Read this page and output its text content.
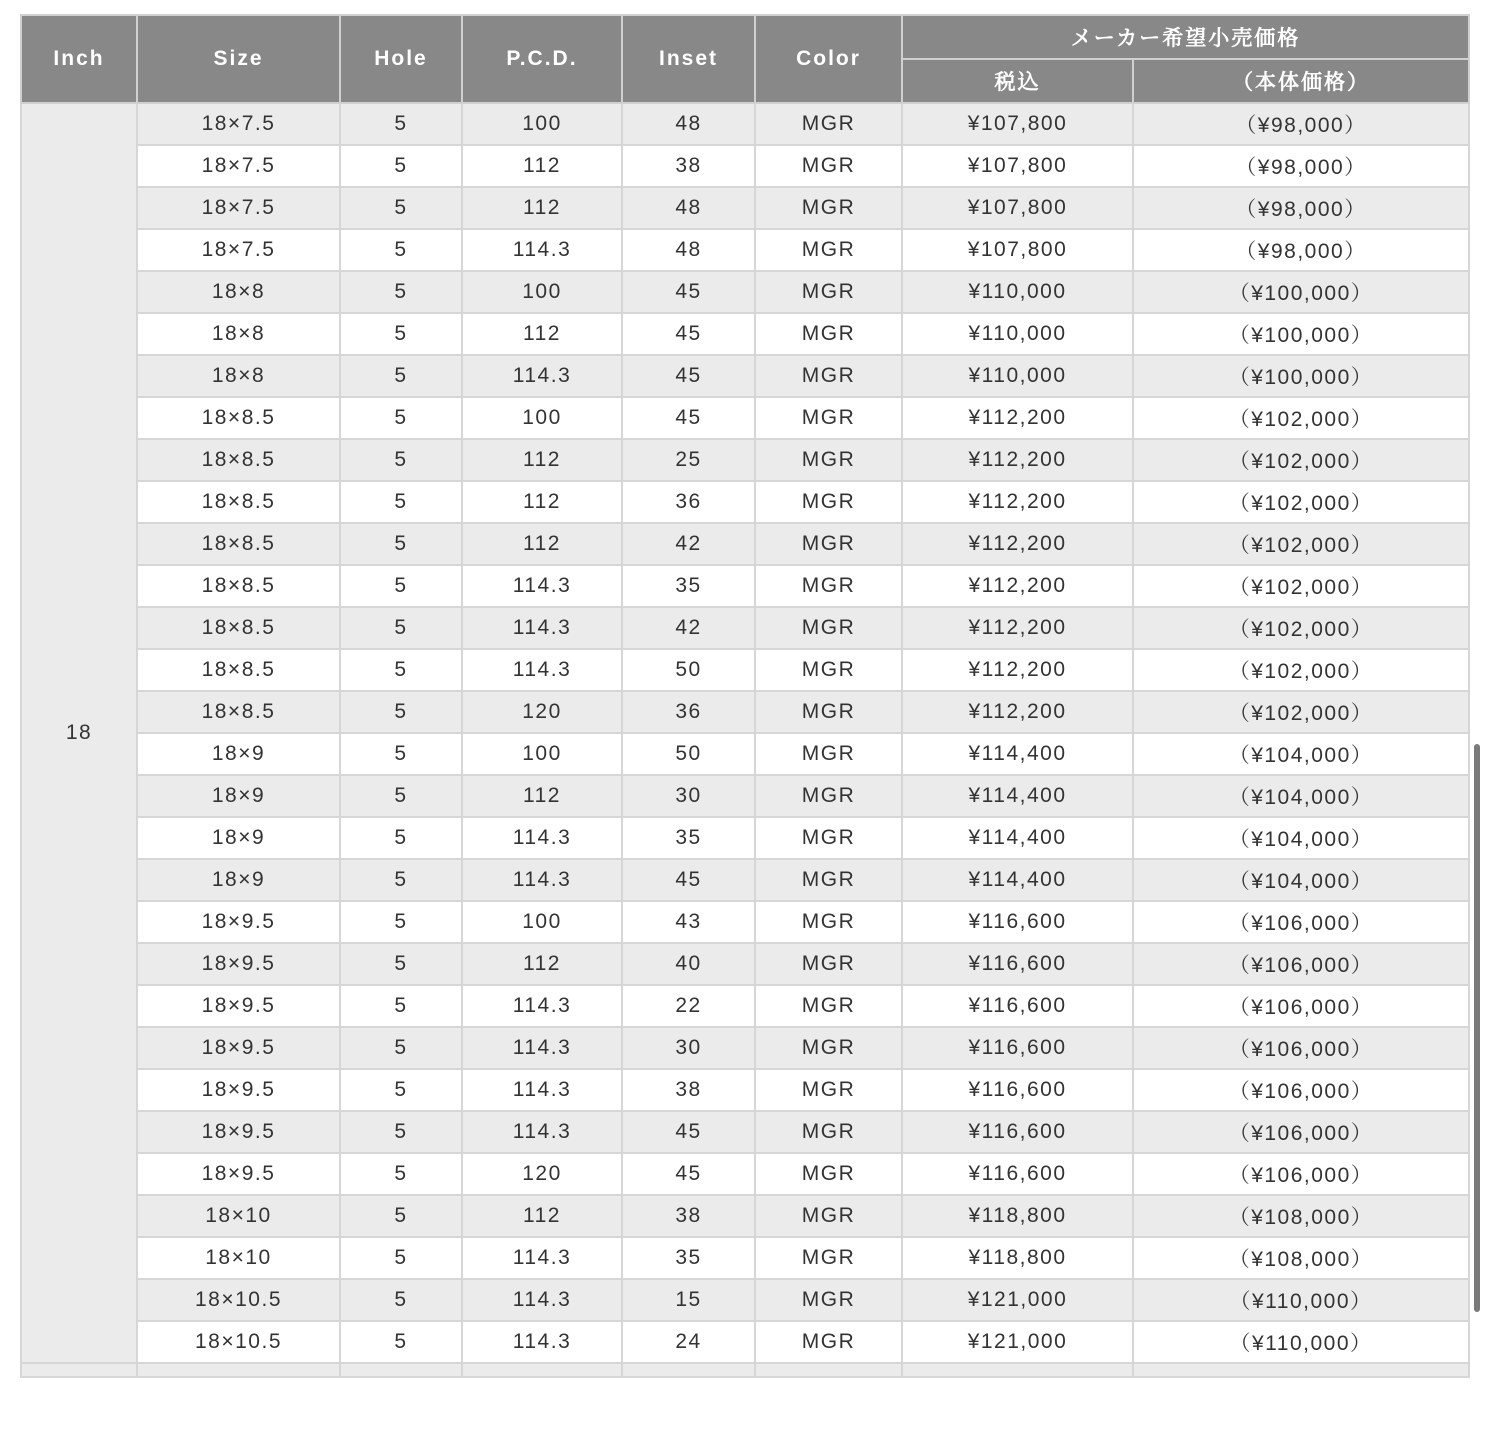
Inch	Size	Hole	P.C.D.	Inset	Color	メーカー希望小売価格	
						税込	（本体価格）
18	18×7.5	5	100	48	MGR	¥107,800	（¥98,000）
	18×7.5	5	112	38	MGR	¥107,800	（¥98,000）
	18×7.5	5	112	48	MGR	¥107,800	（¥98,000）
	18×7.5	5	114.3	48	MGR	¥107,800	（¥98,000）
	18×8	5	100	45	MGR	¥110,000	（¥100,000）
	18×8	5	112	45	MGR	¥110,000	（¥100,000）
	18×8	5	114.3	45	MGR	¥110,000	（¥100,000）
	18×8.5	5	100	45	MGR	¥112,200	（¥102,000）
	18×8.5	5	112	25	MGR	¥112,200	（¥102,000）
	18×8.5	5	112	36	MGR	¥112,200	（¥102,000）
	18×8.5	5	112	42	MGR	¥112,200	（¥102,000）
	18×8.5	5	114.3	35	MGR	¥112,200	（¥102,000）
	18×8.5	5	114.3	42	MGR	¥112,200	（¥102,000）
	18×8.5	5	114.3	50	MGR	¥112,200	（¥102,000）
	18×8.5	5	120	36	MGR	¥112,200	（¥102,000）
	18×9	5	100	50	MGR	¥114,400	（¥104,000）
	18×9	5	112	30	MGR	¥114,400	（¥104,000）
	18×9	5	114.3	35	MGR	¥114,400	（¥104,000）
	18×9	5	114.3	45	MGR	¥114,400	（¥104,000）
	18×9.5	5	100	43	MGR	¥116,600	（¥106,000）
	18×9.5	5	112	40	MGR	¥116,600	（¥106,000）
	18×9.5	5	114.3	22	MGR	¥116,600	（¥106,000）
	18×9.5	5	114.3	30	MGR	¥116,600	（¥106,000）
	18×9.5	5	114.3	38	MGR	¥116,600	（¥106,000）
	18×9.5	5	114.3	45	MGR	¥116,600	（¥106,000）
	18×9.5	5	120	45	MGR	¥116,600	（¥106,000）
	18×10	5	112	38	MGR	¥118,800	（¥108,000）
	18×10	5	114.3	35	MGR	¥118,800	（¥108,000）
	18×10.5	5	114.3	15	MGR	¥121,000	（¥110,000）
	18×10.5	5	114.3	24	MGR	¥121,000	（¥110,000）
